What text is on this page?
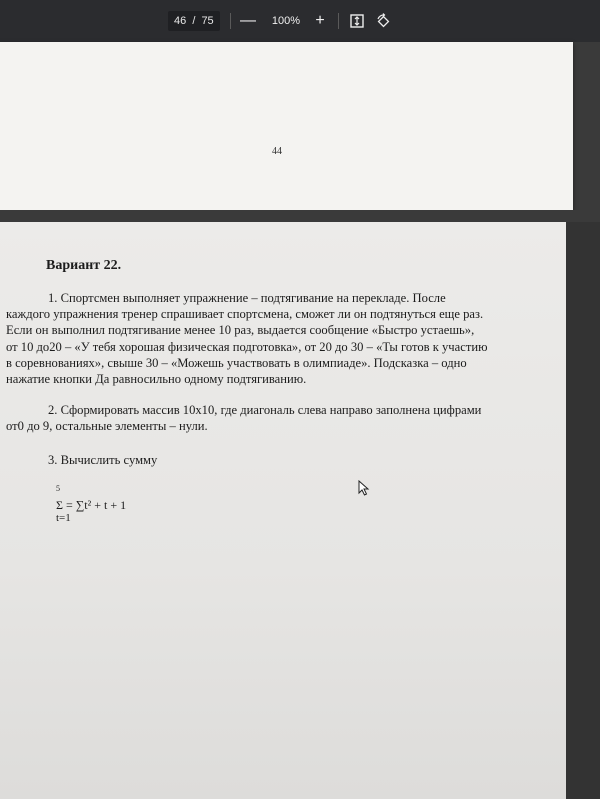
46 / 75	—	100% +
44
Вариант 22.
1. Спортсмен выполняет упражнение – подтягивание на перекладе. После
каждого упражнения тренер спрашивает спортсмена, сможет ли он подтянуться еще раз.
Если он выполнил подтягивание менее 10 раз, выдается сообщение «Быстро устаешь»,
от 10 до20 – «У тебя хорошая физическая подготовка», от 20 до 30 – «Ты готов к участию
в соревнованиях», свыше 30 – «Можешь участвовать в олимпиаде». Подсказка – одно
нажатие кнопки Да равносильно одному подтягиванию.
2. Сформировать массив 10х10, где диагональ слева направо заполнена цифрами
от0 до 9, остальные элементы – нули.
3. Вычислить сумму
5
Σ = ∑t² + t + 1
t=1
